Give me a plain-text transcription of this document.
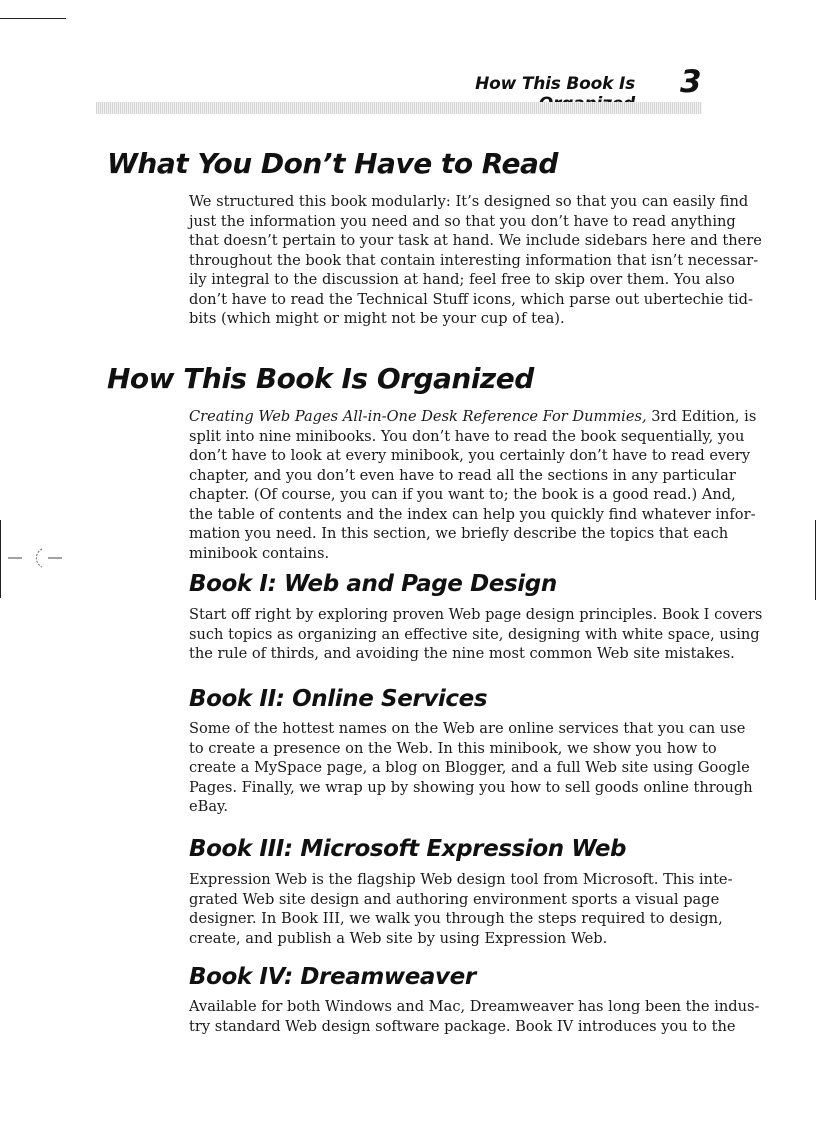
How This Book Is 3
What You Don’t Have to Read

We structured this book modularly: It’s designed so that you can easily find
just the information you need and so that you don’t have to read anything
that doesn’t pertain to your task at hand. We include sidebars here and there
throughout the book that contain interesting information that isn’t necessar-
ily integral to the discussion at hand; feel free to skip over them. You also
don’t have to read the Technical Stuff icons, which parse out ubertechie tid-
bits (which might or might not be your cup of tea).

How This Book Is Organized

Creating Web Pages All-in-One Desk Reference For Dummies, 3rd Edition, is
split into nine minibooks. You don’t have to read the book sequentially, you
don’t have to look at every minibook, you certainly don’t have to read every
chapter, and you don’t even have to read all the sections in any particular
chapter. (Of course, you can if you want to; the book is a good read.) And,
the table of contents and the index can help you quickly find whatever infor-
mation you need. In this section, we briefly describe the topics that each
minibook contains.

Book I: Web and Page Design

Start off right by exploring proven Web page design principles. Book I covers
such topics as organizing an effective site, designing with white space, using
the rule of thirds, and avoiding the nine most common Web site mistakes.

Book II: Online Services

Some of the hottest names on the Web are online services that you can use
to create a presence on the Web. In this minibook, we show you how to
create a MySpace page, a blog on Blogger, and a full Web site using Google
Pages. Finally, we wrap up by showing you how to sell goods online through
eBay.

Book III: Microsoft Expression Web

Expression Web is the flagship Web design tool from Microsoft. This inte-
grated Web site design and authoring environment sports a visual page
designer. In Book III, we walk you through the steps required to design,
create, and publish a Web site by using Expression Web.

Book IV: Dreamweaver

Available for both Windows and Mac, Dreamweaver has long been the indus-
try standard Web design software package. Book IV introduces you to the
